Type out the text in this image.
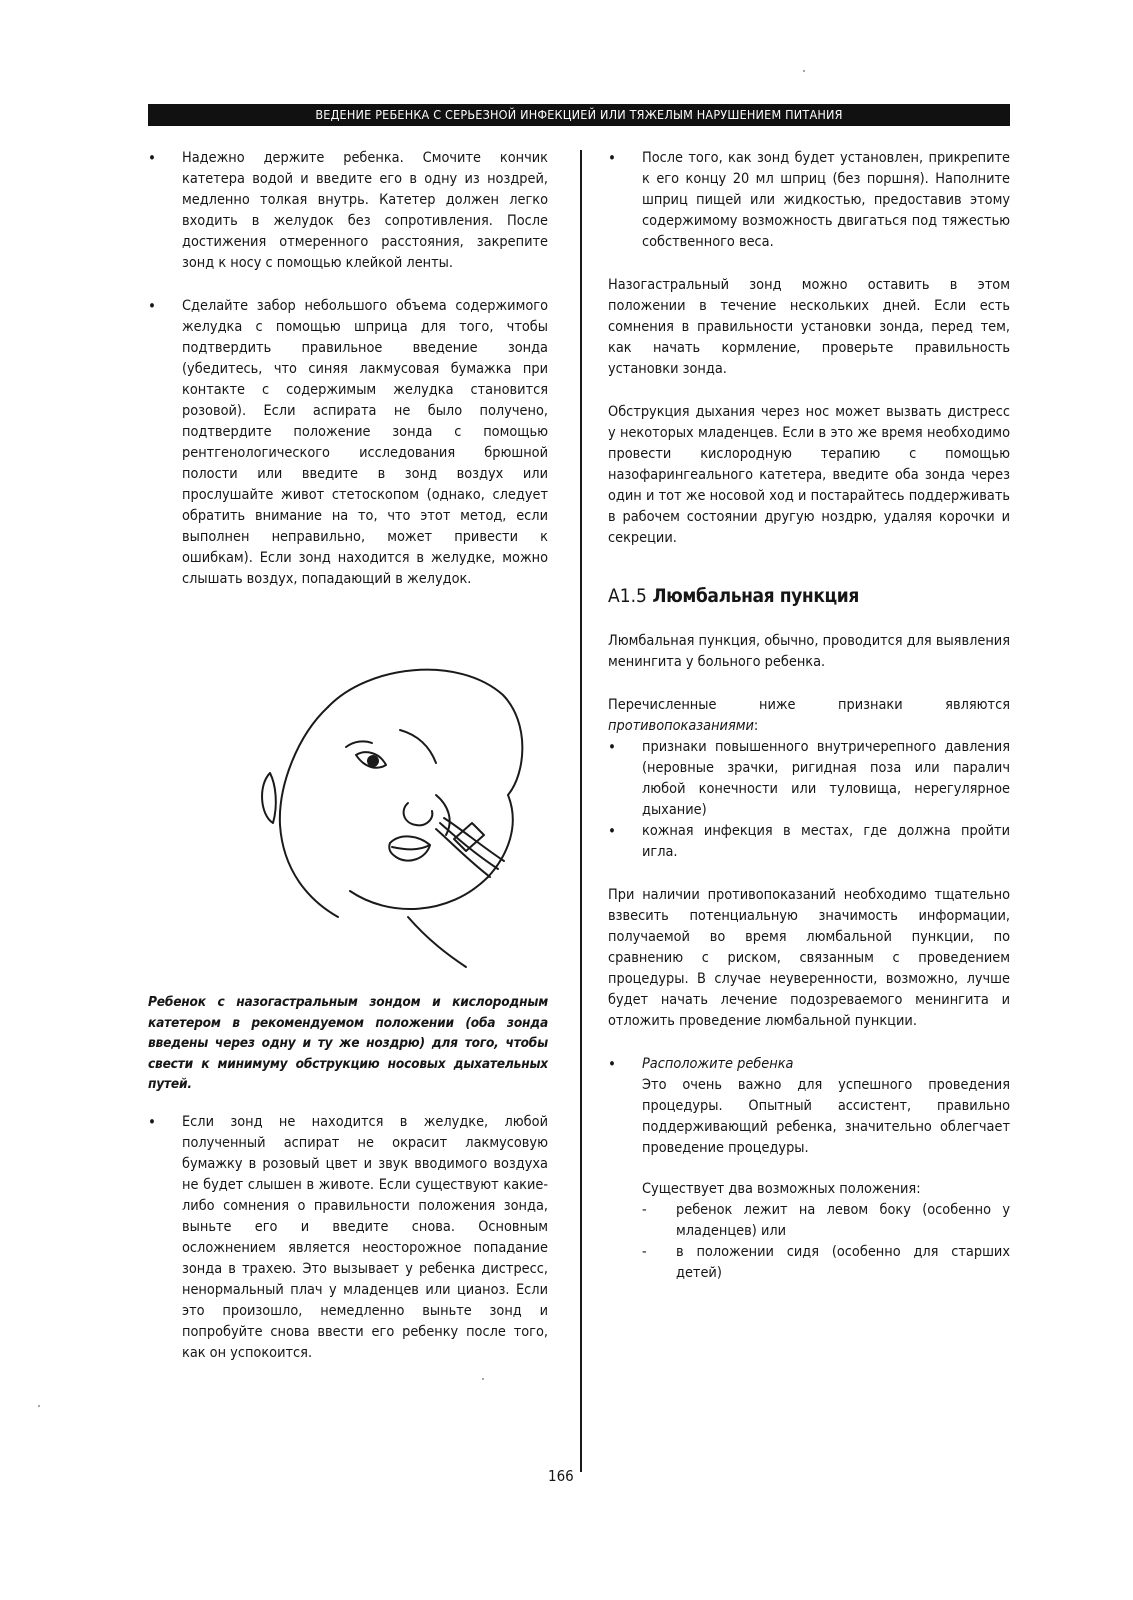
ВЕДЕНИЕ РЕБЕНКА С СЕРЬЕЗНОЙ ИНФЕКЦИЕЙ ИЛИ ТЯЖЕЛЫМ НАРУШЕНИЕМ ПИТАНИЯ

• Надежно держите ребенка. Смочите кончик катетера водой и введите его в одну из ноздрей, медленно толкая внутрь. Катетер должен легко входить в желудок без сопротивления. После достижения отмеренного расстояния, закрепите зонд к носу с помощью клейкой ленты.

• Сделайте забор небольшого объема содержимого желудка с помощью шприца для того, чтобы подтвердить правильное введение зонда (убедитесь, что синяя лакмусовая бумажка при контакте с содержимым желудка становится розовой). Если аспирата не было получено, подтвердите положение зонда с помощью рентгенологического исследования брюшной полости или введите в зонд воздух или прослушайте живот стетоскопом (однако, следует обратить внимание на то, что этот метод, если выполнен неправильно, может привести к ошибкам). Если зонд находится в желудке, можно слышать воздух, попадающий в желудок.

Ребенок с назогастральным зондом и кислородным катетером в рекомендуемом положении (оба зонда введены через одну и ту же ноздрю) для того, чтобы свести к минимуму обструкцию носовых дыхательных путей.

• Если зонд не находится в желудке, любой полученный аспират не окрасит лакмусовую бумажку в розовый цвет и звук вводимого воздуха не будет слышен в животе. Если существуют какие-либо сомнения о правильности положения зонда, выньте его и введите снова. Основным осложнением является неосторожное попадание зонда в трахею. Это вызывает у ребенка дистресс, ненормальный плач у младенцев или цианоз. Если это произошло, немедленно выньте зонд и попробуйте снова ввести его ребенку после того, как он успокоится.

• После того, как зонд будет установлен, прикрепите к его концу 20 мл шприц (без поршня). Наполните шприц пищей или жидкостью, предоставив этому содержимому возможность двигаться под тяжестью собственного веса.

Назогастральный зонд можно оставить в этом положении в течение нескольких дней. Если есть сомнения в правильности установки зонда, перед тем, как начать кормление, проверьте правильность установки зонда.

Обструкция дыхания через нос может вызвать дистресс у некоторых младенцев. Если в это же время необходимо провести кислородную терапию с помощью назофарингеального катетера, введите оба зонда через один и тот же носовой ход и постарайтесь поддерживать в рабочем состоянии другую ноздрю, удаляя корочки и секреции.

А1.5 Люмбальная пункция

Люмбальная пункция, обычно, проводится для выявления менингита у больного ребенка.

Перечисленные ниже признаки являются противопоказаниями:

• признаки повышенного внутричерепного давления (неровные зрачки, ригидная поза или паралич любой конечности или туловища, нерегулярное дыхание)

• кожная инфекция в местах, где должна пройти игла.

При наличии противопоказаний необходимо тщательно взвесить потенциальную значимость информации, получаемой во время люмбальной пункции, по сравнению с риском, связанным с проведением процедуры. В случае неуверенности, возможно, лучше будет начать лечение подозреваемого менингита и отложить проведение люмбальной пункции.

• Расположите ребенка

Это очень важно для успешного проведения процедуры. Опытный ассистент, правильно поддерживающий ребенка, значительно облегчает проведение процедуры.

Существует два возможных положения:

- ребенок лежит на левом боку (особенно у младенцев) или

- в положении сидя (особенно для старших детей)

166
